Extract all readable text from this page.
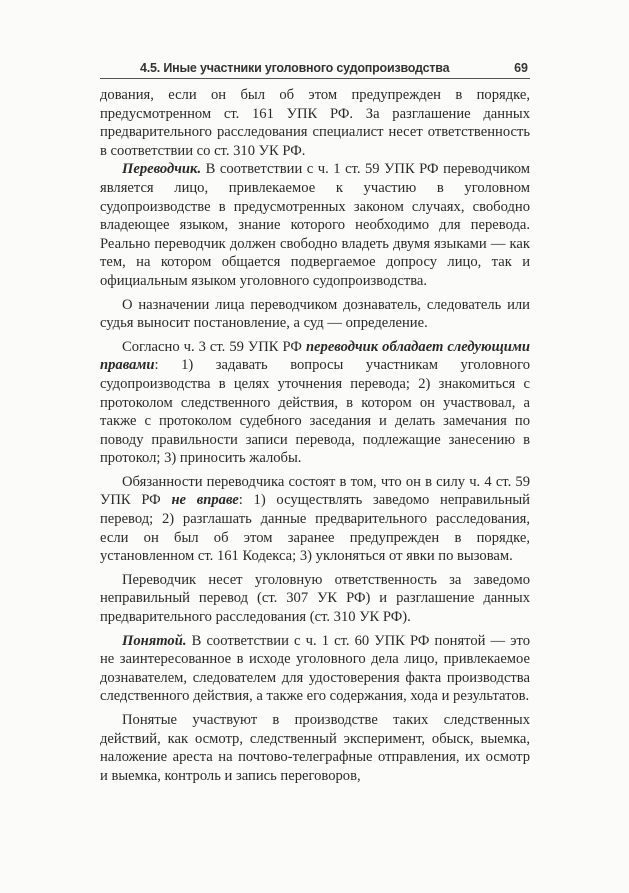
4.5. Иные участники уголовного судопроизводства	69

дования, если он был об этом предупрежден в порядке, предусмотренном ст. 161 УПК РФ. За разглашение данных предварительного расследования специалист несет ответственность в соответствии со ст. 310 УК РФ.

Переводчик. В соответствии с ч. 1 ст. 59 УПК РФ переводчиком является лицо, привлекаемое к участию в уголовном судопроизводстве в предусмотренных законом случаях, свободно владеющее языком, знание которого необходимо для перевода. Реально переводчик должен свободно владеть двумя языками — как тем, на котором общается подвергаемое допросу лицо, так и официальным языком уголовного судопроизводства.

О назначении лица переводчиком дознаватель, следователь или судья выносит постановление, а суд — определение.

Согласно ч. 3 ст. 59 УПК РФ переводчик обладает следующими правами: 1) задавать вопросы участникам уголовного судопроизводства в целях уточнения перевода; 2) знакомиться с протоколом следственного действия, в котором он участвовал, а также с протоколом судебного заседания и делать замечания по поводу правильности записи перевода, подлежащие занесению в протокол; 3) приносить жалобы.

Обязанности переводчика состоят в том, что он в силу ч. 4 ст. 59 УПК РФ не вправе: 1) осуществлять заведомо неправильный перевод; 2) разглашать данные предварительного расследования, если он был об этом заранее предупрежден в порядке, установленном ст. 161 Кодекса; 3) уклоняться от явки по вызовам.

Переводчик несет уголовную ответственность за заведомо неправильный перевод (ст. 307 УК РФ) и разглашение данных предварительного расследования (ст. 310 УК РФ).

Понятой. В соответствии с ч. 1 ст. 60 УПК РФ понятой — это не заинтересованное в исходе уголовного дела лицо, привлекаемое дознавателем, следователем для удостоверения факта производства следственного действия, а также его содержания, хода и результатов.

Понятые участвуют в производстве таких следственных действий, как осмотр, следственный эксперимент, обыск, выемка, наложение ареста на почтово-телеграфные отправления, их осмотр и выемка, контроль и запись переговоров,
